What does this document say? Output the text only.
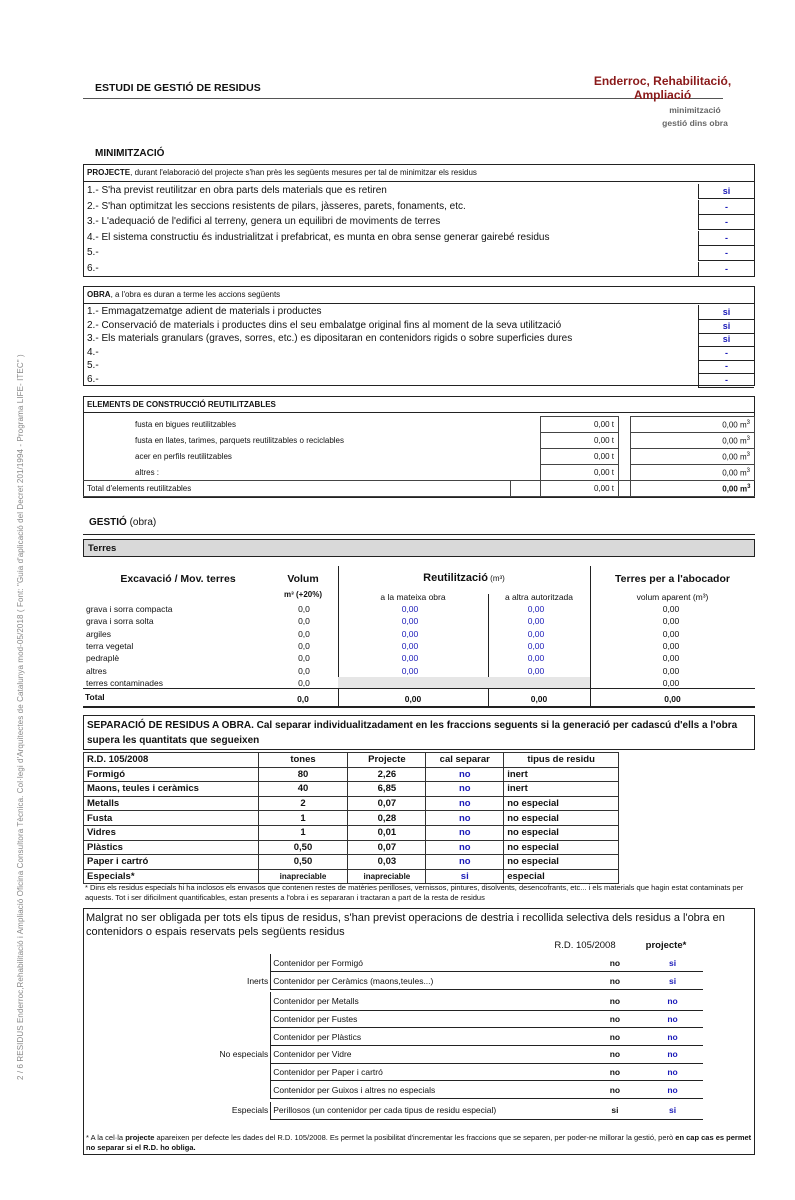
2 / 6 RESIDUS Enderroc,Rehabilitació i Ampliació Oficina Consultora Tècnica. Col·legi d'Arquitectes de Catalunya mod-05/2018 ( Font: "Guia d'aplicació del Decret 201/1994 - Programa LIFE- ITEC" )
ESTUDI DE GESTIÓ DE RESIDUS	Enderroc, Rehabilitació,
Ampliació
minimització
gestió dins obra
MINIMITZACIÓ
PROJECTE, durant l'elaboració del projecte s'han près les següents mesures per tal de minimitzar els residus
1.- S'ha previst reutilitzar en obra parts dels materials que es retiren	si
2.- S'han optimitzat les seccions resistents de pilars, jàsseres, parets, fonaments, etc.	-
3.- L'adequació de l'edifici al terreny, genera un equilibri de moviments de terres	-
4.- El sistema constructiu és industrialitzat i prefabricat, es munta en obra sense generar gairebé residus	-
5.-	-
6.-	-
OBRA, a l'obra es duran a terme les accions següents
1.- Emmagatzematge adient de materials i productes	si
2.- Conservació de materials i productes dins el seu embalatge original fins al moment de la seva utilització	si
3.- Els materials granulars (graves, sorres, etc.) es dipositaran en contenidors rigids o sobre superficies dures	si
4.-	-
5.-	-
6.-	-
ELEMENTS DE CONSTRUCCIÓ REUTILITZABLES
fusta en bigues reutilitzables		0,00 t		0,00 $m^3$
fusta en llates, tarimes, parquets reutilitzables o reciclables		0,00 t		0,00 $m^3$
acer en perfils reutilitzables		0,00 t		0,00 $m^3$
altres :		0,00 t		0,00 $m^3$
Total d'elements reutilitzables		0,00 t		0,00 $m^3$
GESTIÓ (obra)
Terres
Excavació / Mov. terres	Volum
m³ (+20%)
Reutilització (m³)
a la mateixa obra	a altra autoritzada
Terres per a l'abocador
volum aparent (m³)
grava i sorra compacta	0,0	0,00	0,00	0,00
grava i sorra solta	0,0	0,00	0,00	0,00
argiles	0,0	0,00	0,00	0,00
terra vegetal	0,0	0,00	0,00	0,00
pedraplè	0,0	0,00	0,00	0,00
altres	0,0	0,00	0,00	0,00
terres contaminades	0,0			0,00
Total	0,0	0,00	0,00	0,00
SEPARACIÓ DE RESIDUS A OBRA. Cal separar individualitzadament en les fraccions seguents si la generació per cadascú d'ells a l'obra supera les quantitats que segueixen
R.D. 105/2008	tones	Projecte	cal separar	tipus de residu
Formigó	80	2,26	no	inert
Maons, teules i ceràmics	40	6,85	no	inert
Metalls	2	0,07	no	no especial
Fusta	1	0,28	no	no especial
Vidres	1	0,01	no	no especial
Plàstics	0,50	0,07	no	no especial
Paper i cartró	0,50	0,03	no	no especial
Especials*	inapreciable	inapreciable	si	especial
* Dins els residus especials hi ha inclosos els envasos que contenen restes de matèries perilloses, vernissos, pintures, disolvents, desencofrants, etc... i els materials que hagin estat contaminats per aquests. Tot i ser dificilment quantificables, estan presents a l'obra i es separaran i tractaran a part de la resta de residus
Malgrat no ser obligada per tots els tipus de residus, s'han previst operacions de destria i recollida selectiva dels residus a l'obra en contenidors o espais reservats pels següents residus
R.D. 105/2008	projecte*
	Contenidor per Formigó	no	si
Inerts	Contenidor per Ceràmics (maons,teules...)	no	si

	Contenidor per Metalls	no	no
	Contenidor per Fustes	no	no
	Contenidor per Plàstics	no	no
No especials	Contenidor per Vidre	no	no
	Contenidor per Paper i cartró	no	no
	Contenidor per Guixos i altres no especials	no	no

Especials	Perillosos (un contenidor per cada tipus de residu especial)	si	si
* A la cel·la projecte apareixen per defecte les dades del R.D. 105/2008. Es permet la posibilitat d'incrementar les fraccions que se separen, per poder-ne millorar la gestió, però en cap cas es permet no separar si el R.D. ho obliga.
